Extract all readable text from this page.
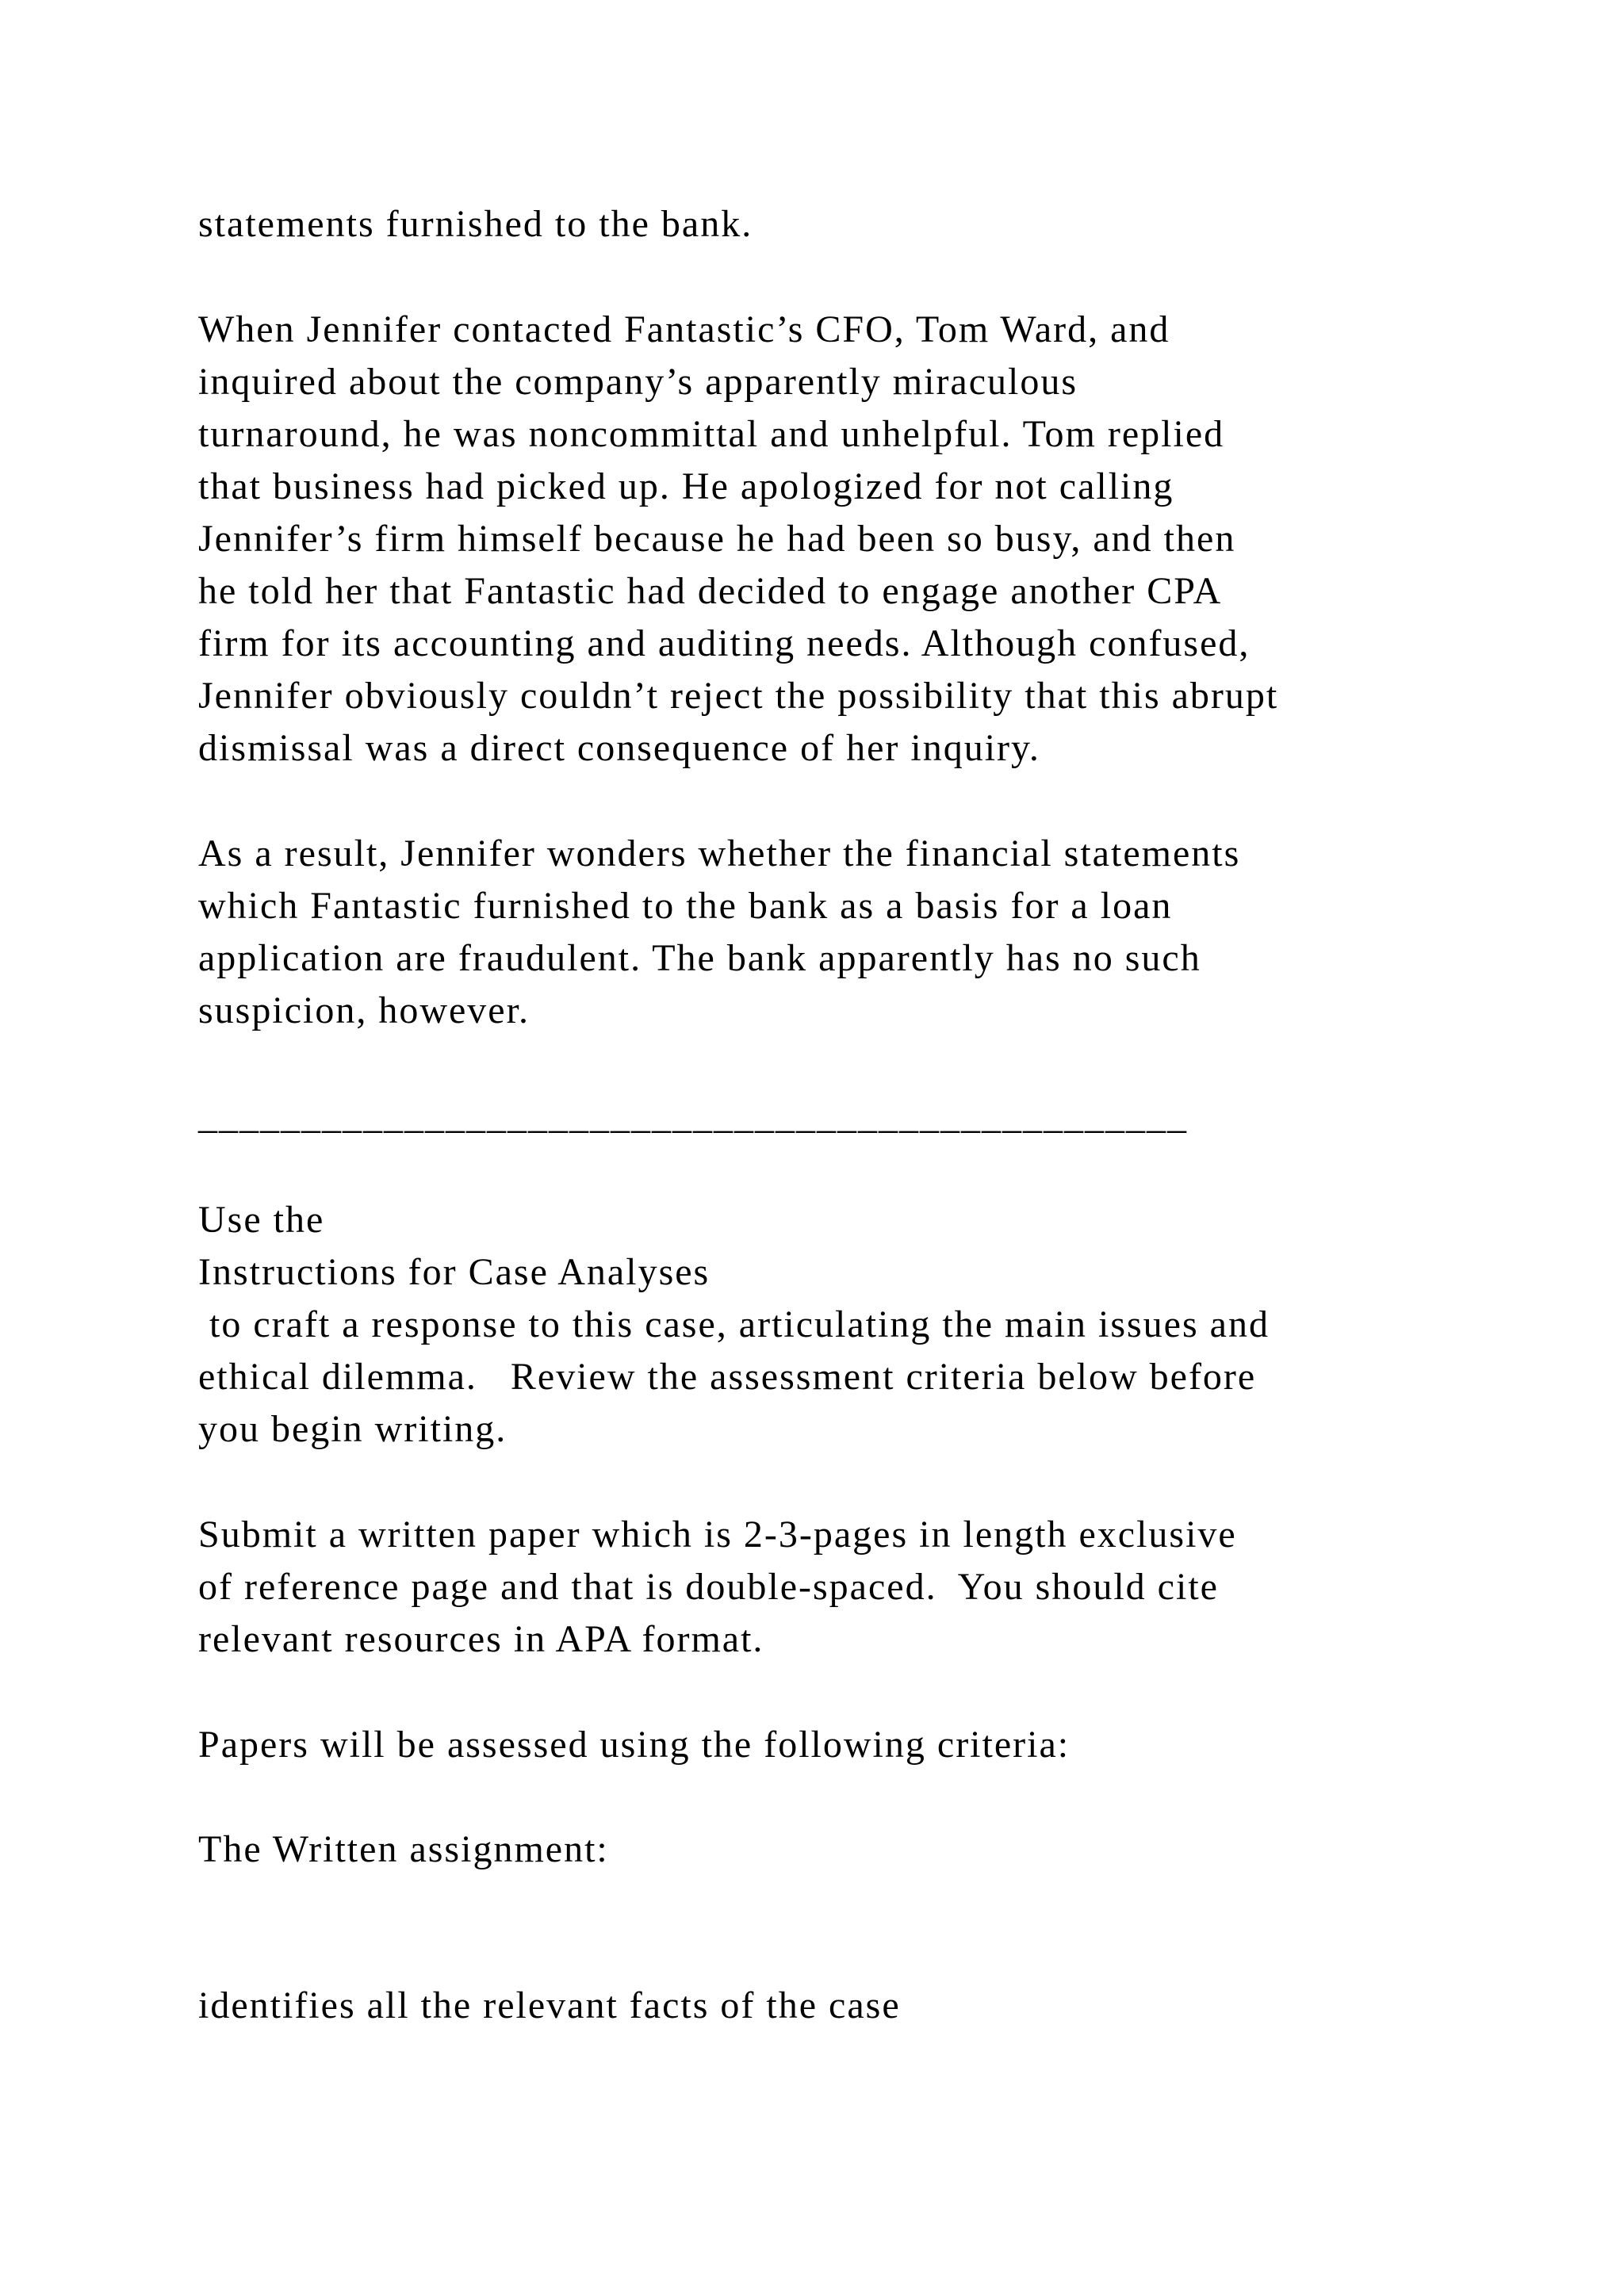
statements furnished to the bank.

When Jennifer contacted Fantastic’s CFO, Tom Ward, and

inquired about the company’s apparently miraculous

turnaround, he was noncommittal and unhelpful. Tom replied

that business had picked up. He apologized for not calling

Jennifer’s firm himself because he had been so busy, and then

he told her that Fantastic had decided to engage another CPA

firm for its accounting and auditing needs. Although confused,

Jennifer obviously couldn’t reject the possibility that this abrupt

dismissal was a direct consequence of her inquiry.

As a result, Jennifer wonders whether the financial statements

which Fantastic furnished to the bank as a basis for a loan

application are fraudulent. The bank apparently has no such

suspicion, however.

________________________________________________

Use the

Instructions for Case Analyses

to craft a response to this case, articulating the main issues and

ethical dilemma.   Review the assessment criteria below before

you begin writing.

Submit a written paper which is 2-3-pages in length exclusive

of reference page and that is double-spaced.  You should cite

relevant resources in APA format.

Papers will be assessed using the following criteria:

The Written assignment:

identifies all the relevant facts of the case
